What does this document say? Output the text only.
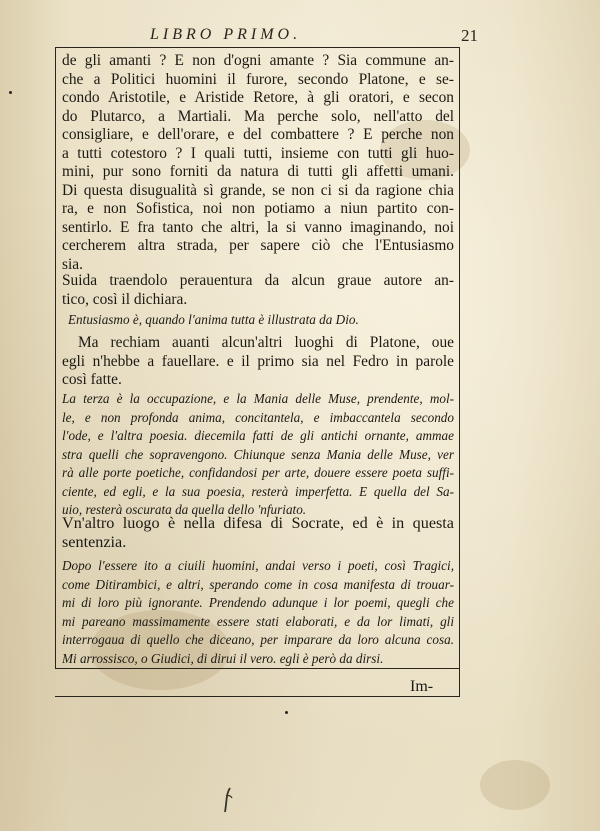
LIBRO PRIMO.	21
de gli amanti ? E non d'ogni amante ? Sia commune an-
che a Politici huomini il furore, secondo Platone, e se-
condo Aristotile, e Aristide Retore, à gli oratori, e secon
do Plutarco, a Martiali. Ma perche solo, nell'atto del
consigliare, e dell'orare, e del combattere ? E perche non
a tutti cotestoro ? I quali tutti, insieme con tutti gli huo-
mini, pur sono forniti da natura di tutti gli affetti umani.
Di questa disugualità sì grande, se non ci si da ragione chia
ra, e non Sofistica, noi non potiamo a niun partito con-
sentirlo. E fra tanto che altri, la si vanno imaginando, noi
cercherem altra strada, per sapere ciò che l'Entusiasmo
sia.
Suida traendolo perauentura da alcun graue autore an-
tico, così il dichiara.
Entusiasmo è, quando l'anima tutta è illustrata da Dio.
Ma rechiam auanti alcun'altri luoghi di Platone, oue
egli n'hebbe a fauellare. e il primo sia nel Fedro in parole
così fatte.
La terza è la occupazione, e la Mania delle Muse, prendente, mol-
le, e non profonda anima, concitantela, e imbaccantela secondo
l'ode, e l'altra poesia. diecemila fatti de gli antichi ornante, ammae
stra quelli che sopravengono. Chiunque senza Mania delle Muse, ver
rà alle porte poetiche, confidandosi per arte, douere essere poeta suffi-
ciente, ed egli, e la sua poesia, resterà imperfetta. E quella del Sa-
uio, resterà oscurata da quella dello 'nfuriato.
Vn'altro luogo è nella difesa di Socrate, ed è in questa
sentenzia.
Dopo l'essere ito a ciuili huomini, andai verso i poeti, così Tragici,
come Ditirambici, e altri, sperando come in cosa manifesta di trouar-
mi di loro più ignorante. Prendendo adunque i lor poemi, quegli che
mi pareano massimamente essere stati elaborati, e da lor limati, gli
interrogaua di quello che diceano, per imparare da loro alcuna cosa.
Mi arrossisco, o Giudici, di dirui il vero. egli è però da dirsi.
Im-
